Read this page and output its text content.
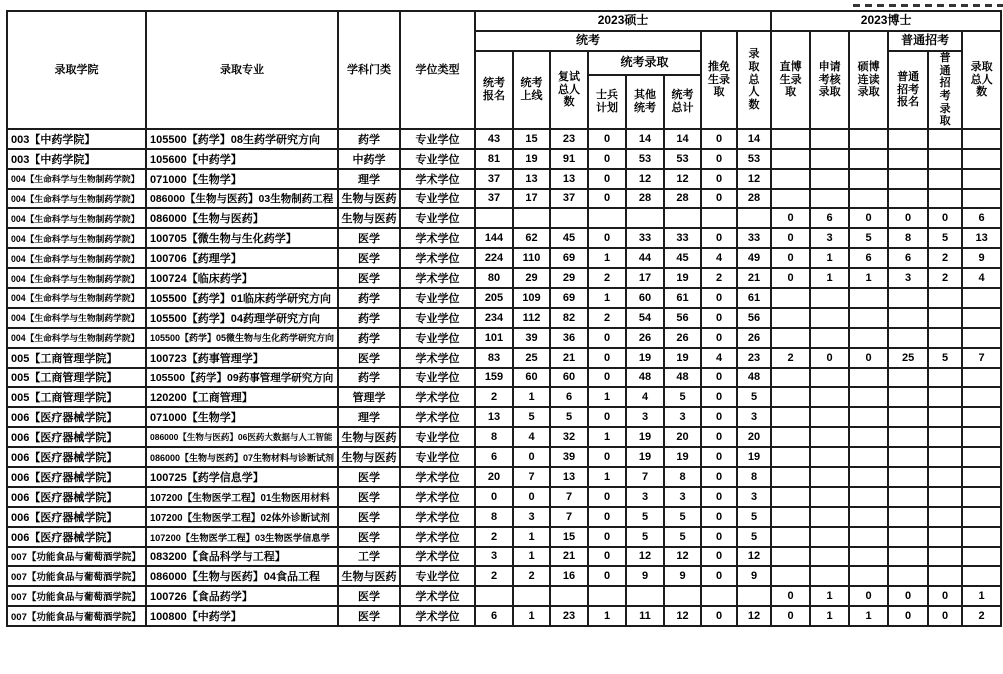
录取学院	录取专业	学科门类	学位类型	2023硕士								2023博士					
				统考						推免生录取	录取总人数	直博生录取	申请考核录取	硕博连读录取	普通招考		录取总人数
				统考报名	统考上线	复试总人数	统考录取								普通招考报名	普通招考录取	
							士兵计划	其他统考	统考总计								
003【中药学院】	105500【药学】08生药学研究方向	药学	专业学位	43	15	23	0	14	14	0	14						
003【中药学院】	105600【中药学】	中药学	专业学位	81	19	91	0	53	53	0	53						
004【生命科学与生物制药学院】	071000【生物学】	理学	学术学位	37	13	13	0	12	12	0	12						
004【生命科学与生物制药学院】	086000【生物与医药】03生物制药工程	生物与医药	专业学位	37	17	37	0	28	28	0	28						
004【生命科学与生物制药学院】	086000【生物与医药】	生物与医药	专业学位									0	6	0	0	0	6
004【生命科学与生物制药学院】	100705【微生物与生化药学】	医学	学术学位	144	62	45	0	33	33	0	33	0	3	5	8	5	13
004【生命科学与生物制药学院】	100706【药理学】	医学	学术学位	224	110	69	1	44	45	4	49	0	1	6	6	2	9
004【生命科学与生物制药学院】	100724【临床药学】	医学	学术学位	80	29	29	2	17	19	2	21	0	1	1	3	2	4
004【生命科学与生物制药学院】	105500【药学】01临床药学研究方向	药学	专业学位	205	109	69	1	60	61	0	61						
004【生命科学与生物制药学院】	105500【药学】04药理学研究方向	药学	专业学位	234	112	82	2	54	56	0	56						
004【生命科学与生物制药学院】	105500【药学】05微生物与生化药学研究方向	药学	专业学位	101	39	36	0	26	26	0	26						
005【工商管理学院】	100723【药事管理学】	医学	学术学位	83	25	21	0	19	19	4	23	2	0	0	25	5	7
005【工商管理学院】	105500【药学】09药事管理学研究方向	药学	专业学位	159	60	60	0	48	48	0	48						
005【工商管理学院】	120200【工商管理】	管理学	学术学位	2	1	6	1	4	5	0	5						
006【医疗器械学院】	071000【生物学】	理学	学术学位	13	5	5	0	3	3	0	3						
006【医疗器械学院】	086000【生物与医药】06医药大数据与人工智能	生物与医药	专业学位	8	4	32	1	19	20	0	20						
006【医疗器械学院】	086000【生物与医药】07生物材料与诊断试剂	生物与医药	专业学位	6	0	39	0	19	19	0	19						
006【医疗器械学院】	100725【药学信息学】	医学	学术学位	20	7	13	1	7	8	0	8						
006【医疗器械学院】	107200【生物医学工程】01生物医用材料	医学	学术学位	0	0	7	0	3	3	0	3						
006【医疗器械学院】	107200【生物医学工程】02体外诊断试剂	医学	学术学位	8	3	7	0	5	5	0	5						
006【医疗器械学院】	107200【生物医学工程】03生物医学信息学	医学	学术学位	2	1	15	0	5	5	0	5						
007【功能食品与葡萄酒学院】	083200【食品科学与工程】	工学	学术学位	3	1	21	0	12	12	0	12						
007【功能食品与葡萄酒学院】	086000【生物与医药】04食品工程	生物与医药	专业学位	2	2	16	0	9	9	0	9						
007【功能食品与葡萄酒学院】	100726【食品药学】	医学	学术学位									0	1	0	0	0	1
007【功能食品与葡萄酒学院】	100800【中药学】	医学	学术学位	6	1	23	1	11	12	0	12	0	1	1	0	0	2
